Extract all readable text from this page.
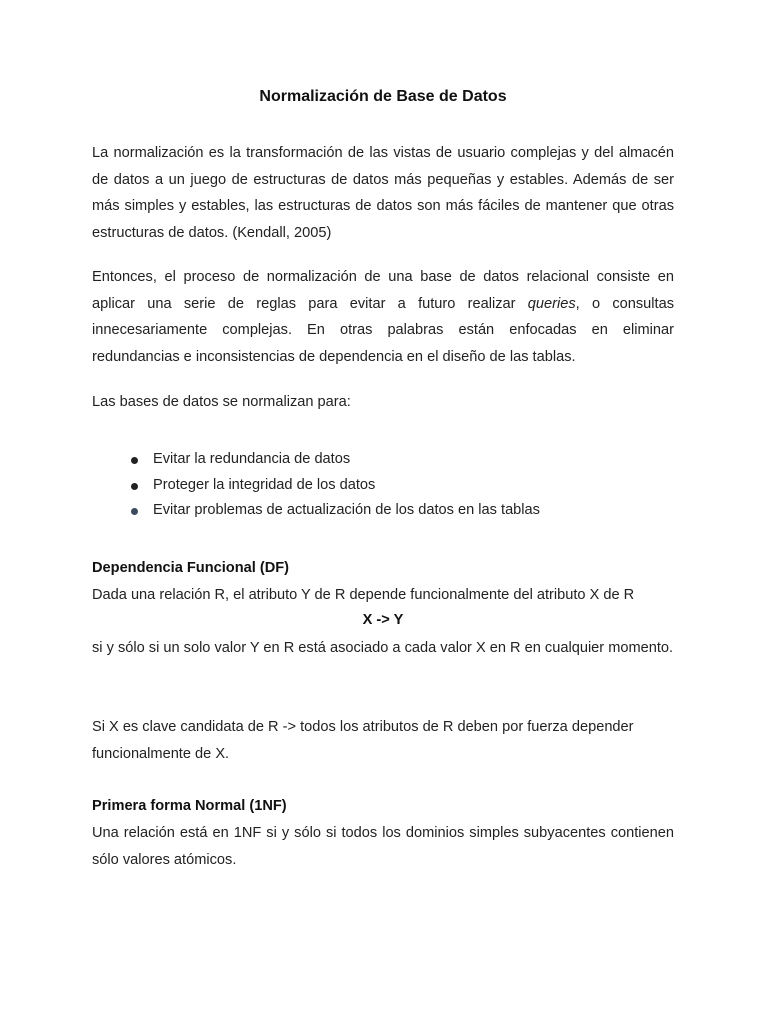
Normalización de Base de Datos

La normalización es la transformación de las vistas de usuario complejas y del almacén de datos a un juego de estructuras de datos más pequeñas y estables. Además de ser más simples y estables, las estructuras de datos son más fáciles de mantener que otras estructuras de datos. (Kendall, 2005)

Entonces, el proceso de normalización de una base de datos relacional consiste en aplicar una serie de reglas para evitar a futuro realizar queries, o consultas innecesariamente complejas. En otras palabras están enfocadas en eliminar redundancias e inconsistencias de dependencia en el diseño de las tablas.

Las bases de datos se normalizan para:

Evitar la redundancia de datos
Proteger la integridad de los datos
Evitar problemas de actualización de los datos en las tablas
Dependencia Funcional (DF)

Dada una relación R, el atributo Y de R depende funcionalmente del atributo X de R

X -> Y

si y sólo si un solo valor Y en R está asociado a cada valor X en R en cualquier momento.

Si X es clave candidata de R -> todos los atributos de R deben por fuerza depender funcionalmente de X.

Primera forma Normal (1NF)

Una relación está en 1NF si y sólo si todos los dominios simples subyacentes contienen sólo valores atómicos.
